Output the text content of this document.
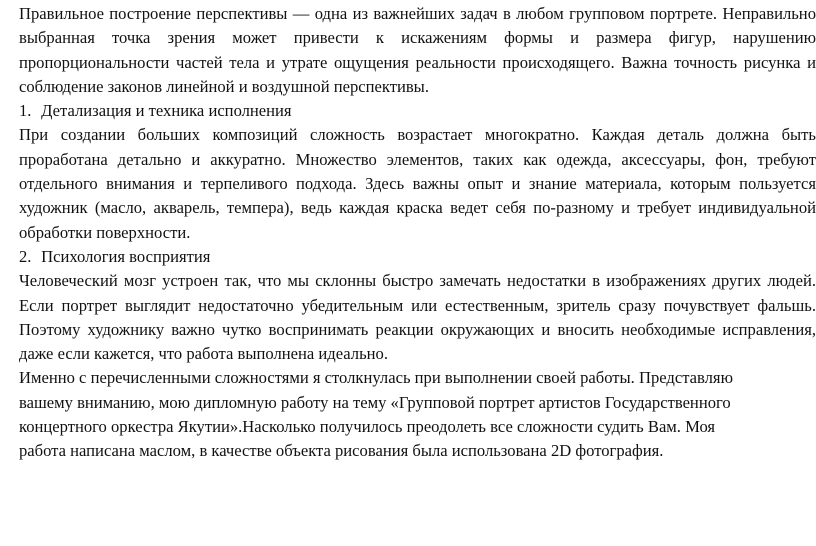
Правильное построение перспективы — одна из важнейших задач в любом групповом портрете. Неправильно выбранная точка зрения может привести к искажениям формы и размера фигур, нарушению пропорциональности частей тела и утрате ощущения реальности происходящего. Важна точность рисунка и соблюдение законов линейной и воздушной перспективы.

1. Детализация и техника исполнения

При создании больших композиций сложность возрастает многократно. Каждая деталь должна быть проработана детально и аккуратно. Множество элементов, таких как одежда, аксессуары, фон, требуют отдельного внимания и терпеливого подхода. Здесь важны опыт и знание материала, которым пользуется художник (масло, акварель, темпера), ведь каждая краска ведет себя по-разному и требует индивидуальной обработки поверхности.

2. Психология восприятия

Человеческий мозг устроен так, что мы склонны быстро замечать недостатки в изображениях других людей. Если портрет выглядит недостаточно убедительным или естественным, зритель сразу почувствует фальшь. Поэтому художнику важно чутко воспринимать реакции окружающих и вносить необходимые исправления, даже если кажется, что работа выполнена идеально.

Именно с перечисленными сложностями я столкнулась при выполнении своей работы. Представляю

вашему вниманию, мою дипломную работу на тему «Групповой портрет артистов Государственного

концертного оркестра Якутии».Насколько получилось преодолеть все сложности судить Вам. Моя

работа написана маслом, в качестве объекта рисования была использована 2D фотография.
